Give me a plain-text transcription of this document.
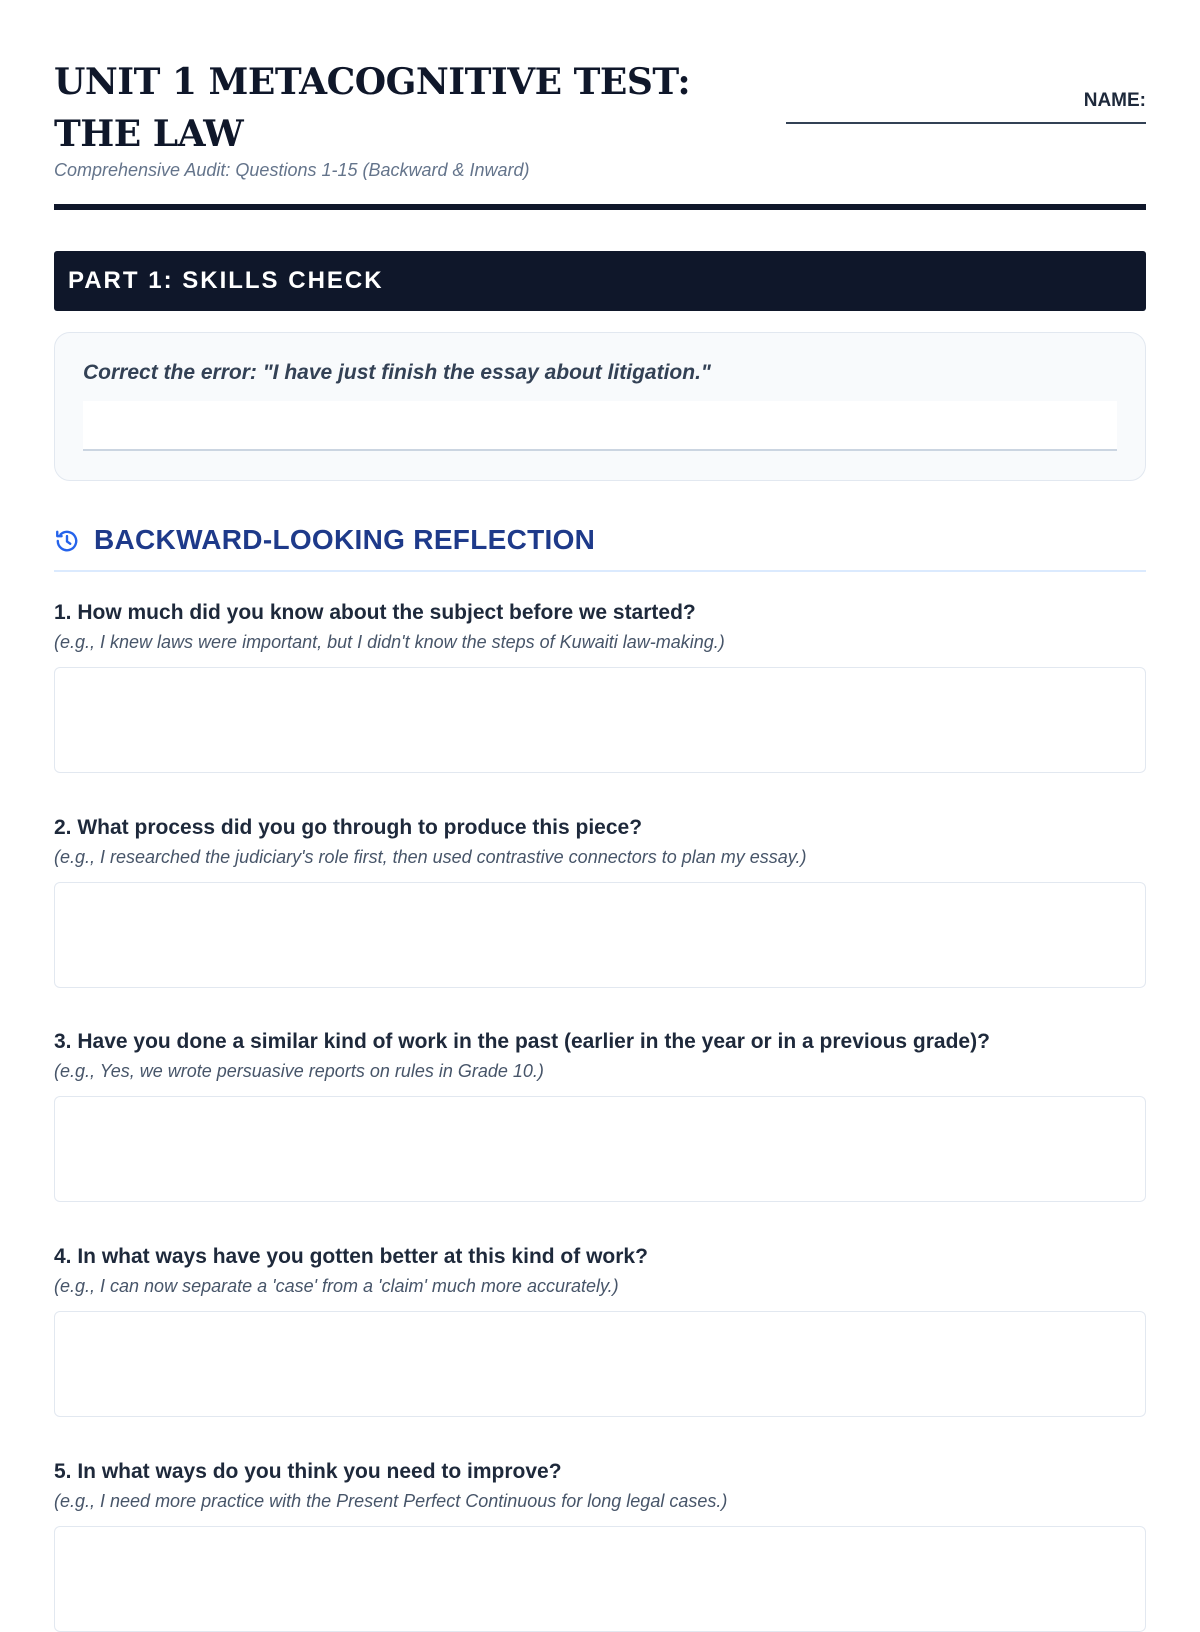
UNIT 1 METACOGNITIVE TEST: THE LAW
Comprehensive Audit: Questions 1-15 (Backward & Inward)
NAME:
PART 1: SKILLS CHECK
Correct the error: "I have just finish the essay about litigation."
BACKWARD-LOOKING REFLECTION
1. How much did you know about the subject before we started?
(e.g., I knew laws were important, but I didn't know the steps of Kuwaiti law-making.)
2. What process did you go through to produce this piece?
(e.g., I researched the judiciary's role first, then used contrastive connectors to plan my essay.)
3. Have you done a similar kind of work in the past (earlier in the year or in a previous grade)?
(e.g., Yes, we wrote persuasive reports on rules in Grade 10.)
4. In what ways have you gotten better at this kind of work?
(e.g., I can now separate a 'case' from a 'claim' much more accurately.)
5. In what ways do you think you need to improve?
(e.g., I need more practice with the Present Perfect Continuous for long legal cases.)
